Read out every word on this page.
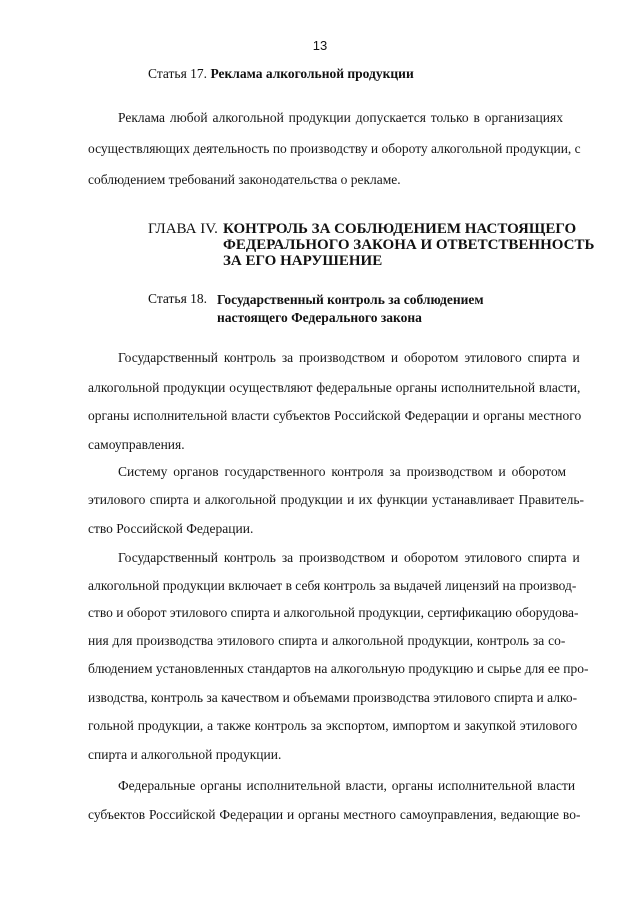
13
Статья 17. Реклама алкогольной продукции
Реклама любой алкогольной продукции допускается только в организациях
осуществляющих деятельность по производству и обороту алкогольной продукции, с
соблюдением требований законодательства о рекламе.
ГЛАВА IV. КОНТРОЛЬ ЗА СОБЛЮДЕНИЕМ НАСТОЯЩЕГО
ФЕДЕРАЛЬНОГО ЗАКОНА И ОТВЕТСТВЕННОСТЬ
ЗА ЕГО НАРУШЕНИЕ
Статья 18. Государственный контроль за соблюдением
настоящего Федерального закона
Государственный контроль за производством и оборотом этилового спирта и
алкогольной продукции осуществляют федеральные органы исполнительной власти,
органы исполнительной власти субъектов Российской Федерации и органы местного
самоуправления.
Систему органов государственного контроля за производством и оборотом
этилового спирта и алкогольной продукции и их функции устанавливает Правитель-
ство Российской Федерации.
Государственный контроль за производством и оборотом этилового спирта и
алкогольной продукции включает в себя контроль за выдачей лицензий на производ-
ство и оборот этилового спирта и алкогольной продукции, сертификацию оборудова-
ния для производства этилового спирта и алкогольной продукции, контроль за со-
блюдением установленных стандартов на алкогольную продукцию и сырье для ее про-
изводства, контроль за качеством и объемами производства этилового спирта и алко-
гольной продукции, а также контроль за экспортом, импортом и закупкой этилового
спирта и алкогольной продукции.
Федеральные органы исполнительной власти, органы исполнительной власти
субъектов Российской Федерации и органы местного самоуправления, ведающие во-
